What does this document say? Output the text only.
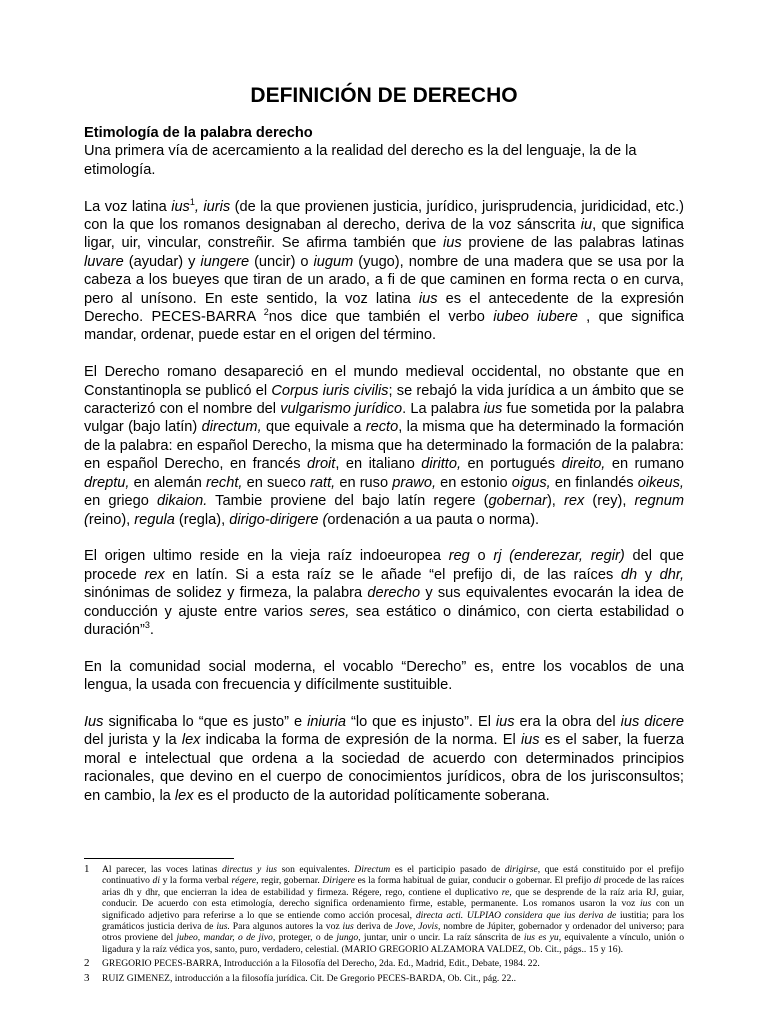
DEFINICIÓN DE DERECHO
Etimología de la palabra derecho

Una primera vía de acercamiento a la realidad del derecho es la del lenguaje, la de la etimología.

La voz latina ius$^1$, iuris (de la que provienen justicia, jurídico, jurisprudencia, juridicidad, etc.) con la que los romanos designaban al derecho, deriva de la voz sánscrita iu, que significa ligar, uir, vincular, constreñir. Se afirma también que ius proviene de las palabras latinas luvare (ayudar) y iungere (uncir) o iugum (yugo), nombre de una madera que se usa por la cabeza a los bueyes que tiran de un arado, a fi de que caminen en forma recta o en curva, pero al unísono. En este sentido, la voz latina ius es el antecedente de la expresión Derecho. PECES-BARRA $^2$nos dice que también el verbo iubeo iubere , que significa mandar, ordenar, puede estar en el origen del término.

El Derecho romano desapareció en el mundo medieval occidental, no obstante que en Constantinopla se publicó el Corpus iuris civilis; se rebajó la vida jurídica a un ámbito que se caracterizó con el nombre del vulgarismo jurídico. La palabra ius fue sometida por la palabra vulgar (bajo latín) directum, que equivale a recto, la misma que ha determinado la formación de la palabra: en español Derecho, la misma que ha determinado la formación de la palabra: en español Derecho, en francés droit, en italiano diritto, en portugués direito, en rumano dreptu, en alemán recht, en sueco ratt, en ruso prawo, en estonio oigus, en finlandés oikeus, en griego dikaion. Tambie proviene del bajo latín regere (gobernar), rex (rey), regnum (reino), regula (regla), dirigo-dirigere (ordenación a ua pauta o norma).

El origen ultimo reside en la vieja raíz indoeuropea reg o rj (enderezar, regir) del que procede rex en latín. Si a esta raíz se le añade “el prefijo di, de las raíces dh y dhr, sinónimas de solidez y firmeza, la palabra derecho y sus equivalentes evocarán la idea de conducción y ajuste entre varios seres, sea estático o dinámico, con cierta estabilidad o duración”$^3$.

En la comunidad social moderna, el vocablo “Derecho” es, entre los vocablos de una lengua, la usada con frecuencia y difícilmente sustituible.

Ius significaba lo “que es justo” e iniuria “lo que es injusto”. El ius era la obra del ius dicere del jurista y la lex indicaba la forma de expresión de la norma. El ius es el saber, la fuerza moral e intelectual que ordena a la sociedad de acuerdo con determinados principios racionales, que devino en el cuerpo de conocimientos jurídicos, obra de los jurisconsultos; en cambio, la lex es el producto de la autoridad políticamente soberana.

1 Al parecer, las voces latinas directus y ius son equivalentes. Directum es el participio pasado de dirigirse, que está constituido por el prefijo continuativo di y la forma verbal régere, regir, gobernar. Dirigere es la forma habitual de guiar, conducir o gobernar. El prefijo di procede de las raíces arias dh y dhr, que encierran la idea de estabilidad y firmeza. Régere, rego, contiene el duplicativo re, que se desprende de la raíz aria RJ, guiar, conducir. De acuerdo con esta etimología, derecho significa ordenamiento firme, estable, permanente. Los romanos usaron la voz ius con un significado adjetivo para referirse a lo que se entiende como acción procesal, directa acti. ULPIAO considera que ius deriva de iustitia; para los gramáticos justicia deriva de ius. Para algunos autores la voz ius deriva de Jove, Jovis, nombre de Júpiter, gobernador y ordenador del universo; para otros proviene del jubeo, mandar, o de jivo, proteger, o de jungo, juntar, unir o uncir. La raíz sánscrita de ius es yu, equivalente a vínculo, unión o ligadura y la raíz védica yos, santo, puro, verdadero, celestial. (MARIO GREGORIO ALZAMORA VALDEZ, Ob. Cit., págs.. 15 y 16).
2 GREGORIO PECES-BARRA, Introducción a la Filosofía del Derecho, 2da. Ed., Madrid, Edit., Debate, 1984. 22.
3 RUIZ GIMENEZ, introducción a la filosofía jurídica. Cit. De Gregorio PECES-BARDA, Ob. Cit., pág. 22..
